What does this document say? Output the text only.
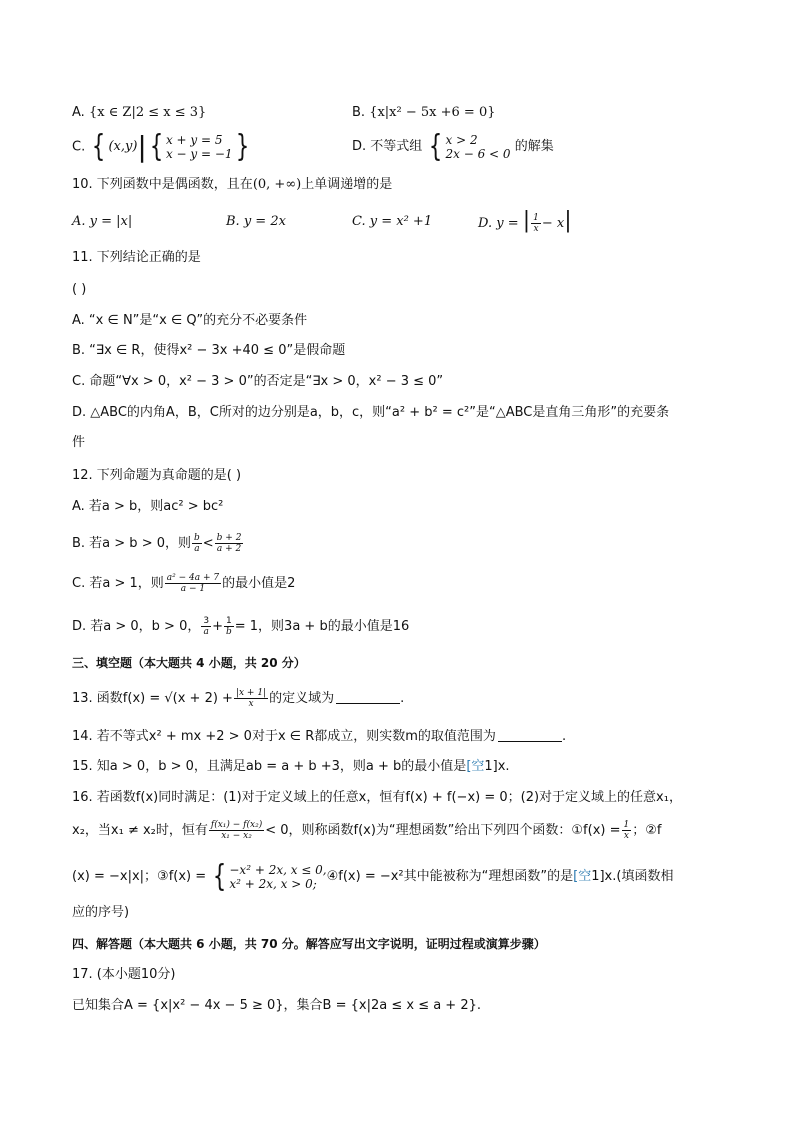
A. {x ∈ Z|2 ≤ x ≤ 3}	B. {x|x² − 5x +6 = 0}
C. { (x,y) | { x + y = 5
x − y = −1 }	D. 不等式组 { x > 2
2x − 6 < 0 的解集
10. 下列函数中是偶函数，且在(0, +∞)上单调递增的是
A. y = |x|	B. y = 2x	C. y = x² +1	D. y = | $\frac{1}{x} - x|$
11. 下列结论正确的是
( )
A. “x ∈ N”是“x ∈ Q”的充分不必要条件
B. “∃x ∈ R，使得x² − 3x +40 ≤ 0”是假命题
C. 命题“∀x > 0，x² − 3 > 0”的否定是“∃x > 0，x² − 3 ≤ 0”
D. △ABC的内角A，B，C所对的边分别是a，b，c，则“a² + b² = c²”是“△ABC是直角三角形”的充要条
件
12. 下列命题为真命题的是( )
A. 若a > b，则ac² > bc²
B. 若a > b > 0，则 $\frac{b}{a} < \frac{b + 2}{a + 2}$
C. 若a > 1，则 $\frac{\text{a² − 4a + 7}}{a - 1}$ 的最小值是2
D. 若a > 0，b > 0， $\frac{3}{a} + \frac{1}{b} = 1$，则3a + b的最小值是16
三、填空题（本大题共 4 小题，共 20 分）
13. 函数$f(x) = √(x + 2) + \frac{|x + 1|}{x}$ 的定义域为	.
14. 若不等式x² + mx +2 > 0对于x ∈ R都成立，则实数m的取值范围为	.
15. 知a > 0，b > 0，且满足ab = a + b +3，则a + b的最小值是[空1]x.
16. 若函数f(x)同时满足：(1)对于定义域上的任意x，恒有f(x) + f(−x) = 0；(2)对于定义域上的任意x₁，
x₂，当x₁ ≠ x₂时，恒有 $\frac{\text{f(x₁) − f(x₂)}}{\text{x₁ − x₂}} < 0$，则称函数f(x)为“理想函数”给出下列四个函数：①f(x) = $\frac{1}{x}$ ；②f
(x) = −x|x|；③f(x) = { −x² + 2x, x ≤ 0,
x² + 2x, x > 0; ④f(x) = −x²其中能被称为“理想函数”的是[空1]x.(填函数相
应的序号)
四、解答题（本大题共 6 小题，共 70 分。解答应写出文字说明，证明过程或演算步骤）
17. (本小题10分)
已知集合A = {x|x² − 4x − 5 ≥ 0}，集合B = {x|2a ≤ x ≤ a + 2}.
